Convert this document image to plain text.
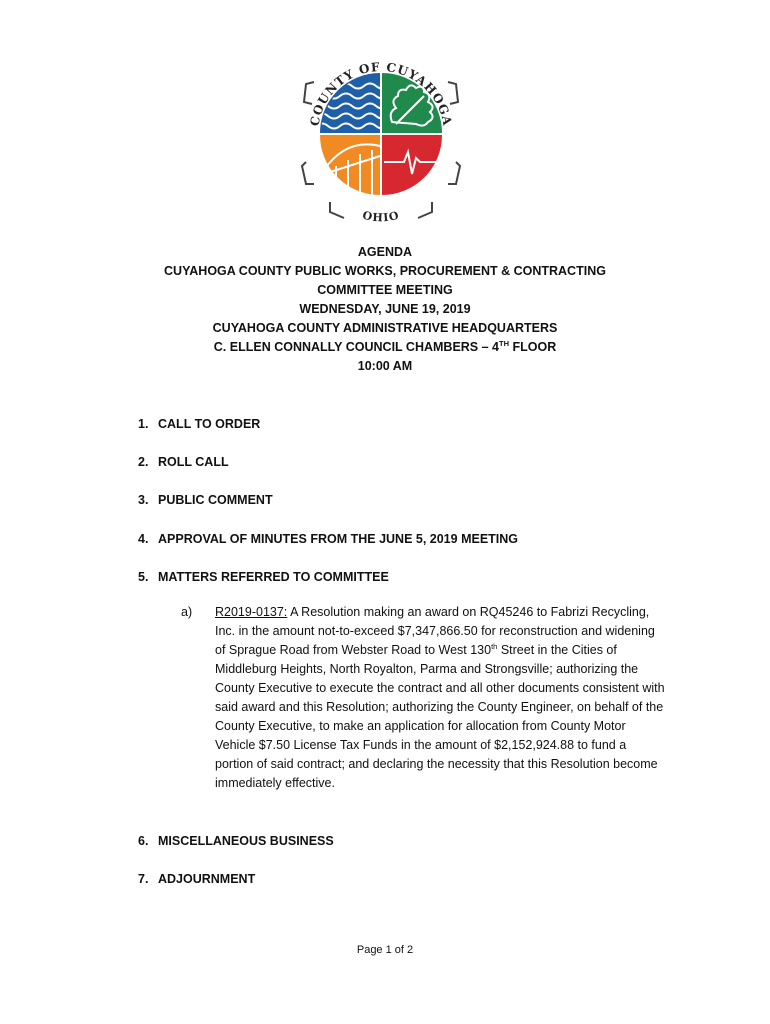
COUNTY OF CUYAHOGA
OHIO
AGENDA
CUYAHOGA COUNTY PUBLIC WORKS, PROCUREMENT & CONTRACTING
COMMITTEE MEETING
WEDNESDAY, JUNE 19, 2019
CUYAHOGA COUNTY ADMINISTRATIVE HEADQUARTERS
C. ELLEN CONNALLY COUNCIL CHAMBERS – 4TH FLOOR
10:00 AM
1. CALL TO ORDER
2. ROLL CALL
3. PUBLIC COMMENT
4. APPROVAL OF MINUTES FROM THE JUNE 5, 2019 MEETING
5. MATTERS REFERRED TO COMMITTEE
a) R2019-0137: A Resolution making an award on RQ45246 to Fabrizi Recycling, Inc. in the amount not-to-exceed $7,347,866.50 for reconstruction and widening of Sprague Road from Webster Road to West 130th Street in the Cities of Middleburg Heights, North Royalton, Parma and Strongsville; authorizing the County Executive to execute the contract and all other documents consistent with said award and this Resolution; authorizing the County Engineer, on behalf of the County Executive, to make an application for allocation from County Motor Vehicle $7.50 License Tax Funds in the amount of $2,152,924.88 to fund a portion of said contract; and declaring the necessity that this Resolution become immediately effective.
6. MISCELLANEOUS BUSINESS
7. ADJOURNMENT
Page 1 of 2
